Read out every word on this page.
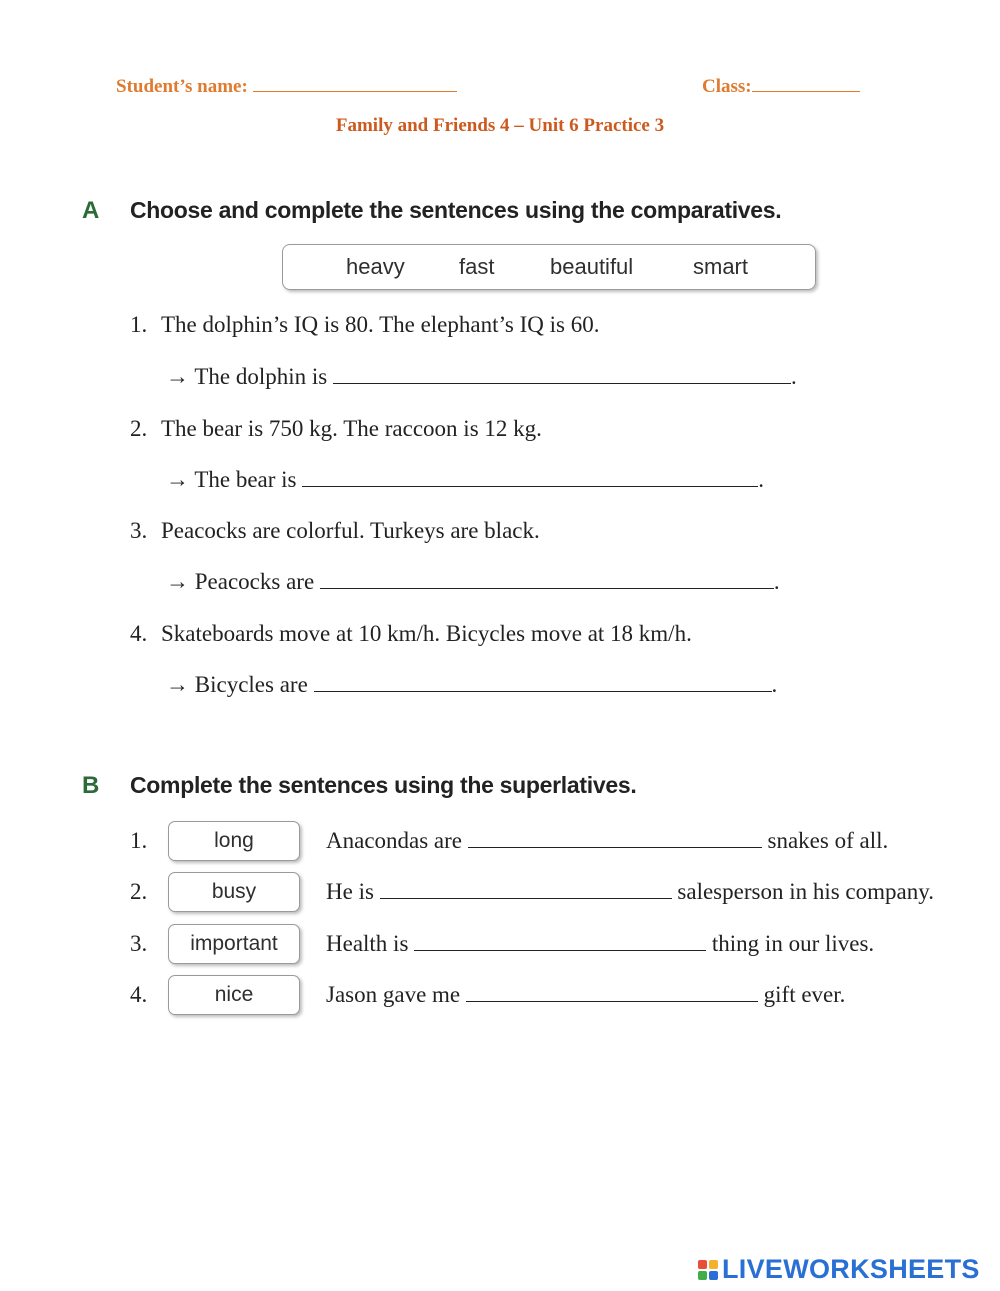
Student’s name:	Class:
Family and Friends 4 – Unit 6 Practice 3
A Choose and complete the sentences using the comparatives.
heavy fast	beautiful	smart
1. The dolphin’s IQ is 80. The elephant’s IQ is 60.
→ The dolphin is	.
2. The bear is 750 kg. The raccoon is 12 kg.
→ The bear is	.
3. Peacocks are colorful. Turkeys are black.
→ Peacocks are	.
4. Skateboards move at 10 km/h. Bicycles move at 18 km/h.
→ Bicycles are	.
B Complete the sentences using the superlatives.
1.	long	Anacondas are	snakes of all.
2.	busy	He is	salesperson in his company.
3.	important	Health is	thing in our lives.
4.	nice	Jason gave me	gift ever.
LIVEWORKSHEETS
